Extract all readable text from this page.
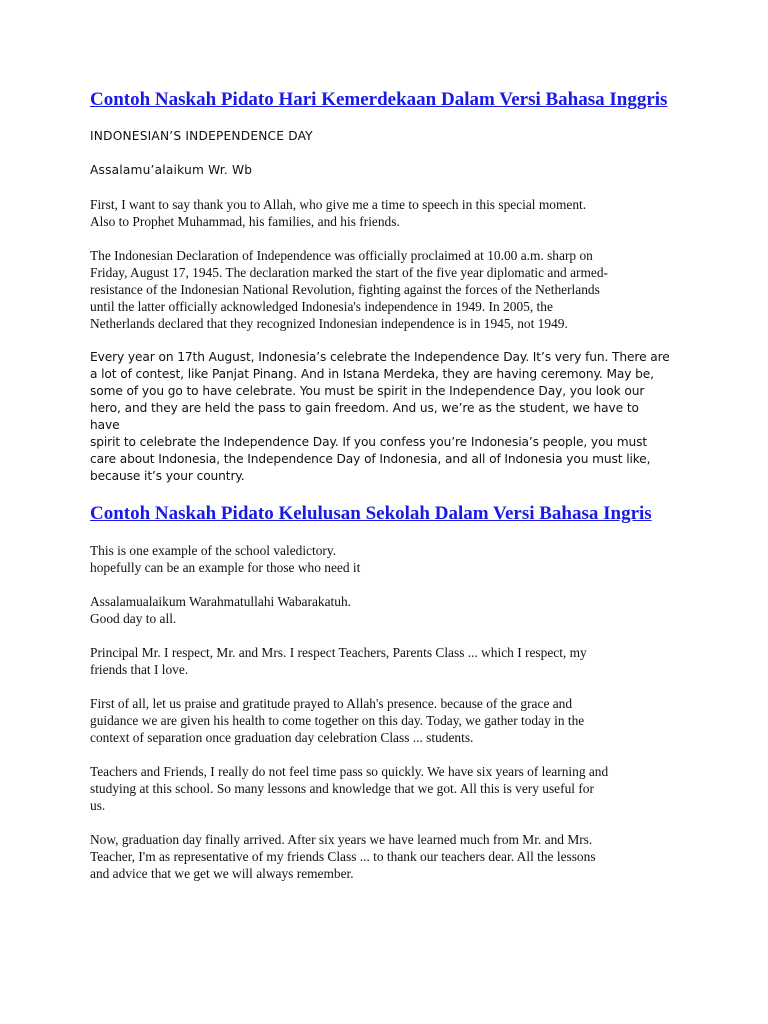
Contoh Naskah Pidato Hari Kemerdekaan Dalam Versi Bahasa Inggris

INDONESIAN’S INDEPENDENCE DAY

Assalamu’alaikum Wr. Wb

First, I want to say thank you to Allah, who give me a time to speech in this special moment.
Also to Prophet Muhammad, his families, and his friends.

The Indonesian Declaration of Independence was officially proclaimed at 10.00 a.m. sharp on
Friday, August 17, 1945. The declaration marked the start of the five year diplomatic and armed-
resistance of the Indonesian National Revolution, fighting against the forces of the Netherlands
until the latter officially acknowledged Indonesia's independence in 1949. In 2005, the
Netherlands declared that they recognized Indonesian independence is in 1945, not 1949.

Every year on 17th August, Indonesia’s celebrate the Independence Day. It’s very fun. There are
a lot of contest, like Panjat Pinang. And in Istana Merdeka, they are having ceremony. May be,
some of you go to have celebrate. You must be spirit in the Independence Day, you look our
hero, and they are held the pass to gain freedom. And us, we’re as the student, we have to have
spirit to celebrate the Independence Day. If you confess you’re Indonesia’s people, you must
care about Indonesia, the Independence Day of Indonesia, and all of Indonesia you must like,
because it’s your country.

Contoh Naskah Pidato Kelulusan Sekolah Dalam Versi Bahasa Ingris

This is one example of the school valedictory.
hopefully can be an example for those who need it

Assalamualaikum Warahmatullahi Wabarakatuh.
Good day to all.

Principal Mr. I respect, Mr. and Mrs. I respect Teachers, Parents Class ... which I respect, my
friends that I love.

First of all, let us praise and gratitude prayed to Allah's presence. because of the grace and
guidance we are given his health to come together on this day. Today, we gather today in the
context of separation once graduation day celebration Class ... students.

Teachers and Friends, I really do not feel time pass so quickly. We have six years of learning and
studying at this school. So many lessons and knowledge that we got. All this is very useful for
us.

Now, graduation day finally arrived. After six years we have learned much from Mr. and Mrs.
Teacher, I'm as representative of my friends Class ... to thank our teachers dear. All the lessons
and advice that we get we will always remember.
